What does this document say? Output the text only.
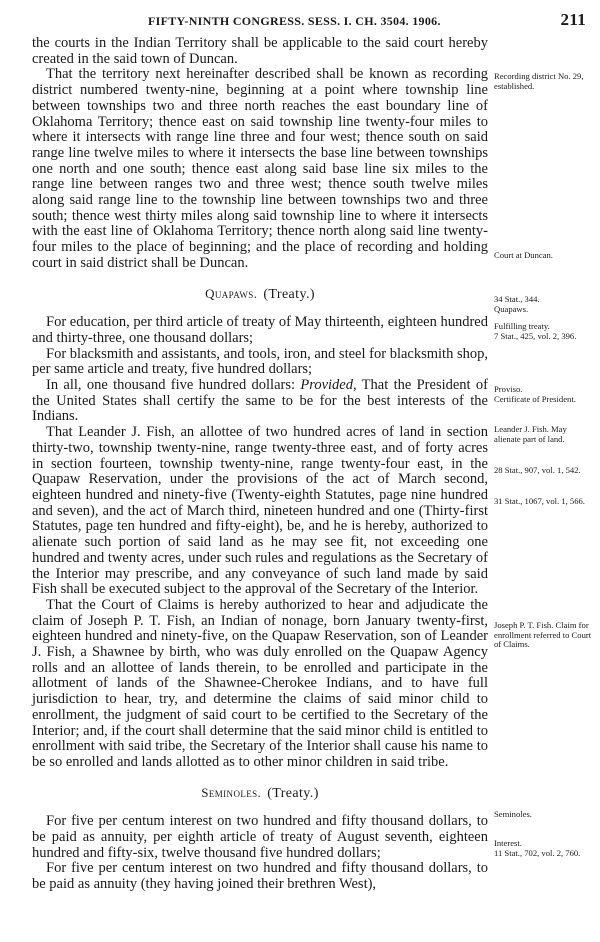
FIFTY-NINTH CONGRESS. SESS. I. CH. 3504. 1906.	211

the courts in the Indian Territory shall be applicable to the said court hereby created in the said town of Duncan.

That the territory next hereinafter described shall be known as recording district numbered twenty-nine, beginning at a point where township line between townships two and three north reaches the east boundary line of Oklahoma Territory; thence east on said township line twenty-four miles to where it intersects with range line three and four west; thence south on said range line twelve miles to where it intersects the base line between townships one north and one south; thence east along said base line six miles to the range line between ranges two and three west; thence south twelve miles along said range line to the township line between townships two and three south; thence west thirty miles along said township line to where it intersects with the east line of Oklahoma Territory; thence north along said line twenty-four miles to the place of beginning; and the place of recording and holding court in said district shall be Duncan.

Quapaws. (Treaty.)

For education, per third article of treaty of May thirteenth, eighteen hundred and thirty-three, one thousand dollars;

For blacksmith and assistants, and tools, iron, and steel for blacksmith shop, per same article and treaty, five hundred dollars;

In all, one thousand five hundred dollars: Provided, That the President of the United States shall certify the same to be for the best interests of the Indians.

That Leander J. Fish, an allottee of two hundred acres of land in section thirty-two, township twenty-nine, range twenty-three east, and of forty acres in section fourteen, township twenty-nine, range twenty-four east, in the Quapaw Reservation, under the provisions of the act of March second, eighteen hundred and ninety-five (Twenty-eighth Statutes, page nine hundred and seven), and the act of March third, nineteen hundred and one (Thirty-first Statutes, page ten hundred and fifty-eight), be, and he is hereby, authorized to alienate such portion of said land as he may see fit, not exceeding one hundred and twenty acres, under such rules and regulations as the Secretary of the Interior may prescribe, and any conveyance of such land made by said Fish shall be executed subject to the approval of the Secretary of the Interior.

That the Court of Claims is hereby authorized to hear and adjudicate the claim of Joseph P. T. Fish, an Indian of nonage, born January twenty-first, eighteen hundred and ninety-five, on the Quapaw Reservation, son of Leander J. Fish, a Shawnee by birth, who was duly enrolled on the Quapaw Agency rolls and an allottee of lands therein, to be enrolled and participate in the allotment of lands of the Shawnee-Cherokee Indians, and to have full jurisdiction to hear, try, and determine the claims of said minor child to enrollment, the judgment of said court to be certified to the Secretary of the Interior; and, if the court shall determine that the said minor child is entitled to enrollment with said tribe, the Secretary of the Interior shall cause his name to be so enrolled and lands allotted as to other minor children in said tribe.

Seminoles. (Treaty.)

For five per centum interest on two hundred and fifty thousand dollars, to be paid as annuity, per eighth article of treaty of August seventh, eighteen hundred and fifty-six, twelve thousand five hundred dollars;

For five per centum interest on two hundred and fifty thousand dollars, to be paid as annuity (they having joined their brethren West),

Recording district No. 29, established.
Court at Duncan.
34 Stat., 344.
Quapaws.
Fulfilling treaty.
7 Stat., 425, vol. 2, 396.
Proviso.
Certificate of President.
Leander J. Fish. May alienate part of land.
28 Stat., 907, vol. 1, 542.
31 Stat., 1067, vol. 1, 566.
Joseph P. T. Fish. Claim for enrollment referred to Court of Claims.
Seminoles.
Interest.
11 Stat., 702, vol. 2, 760.
